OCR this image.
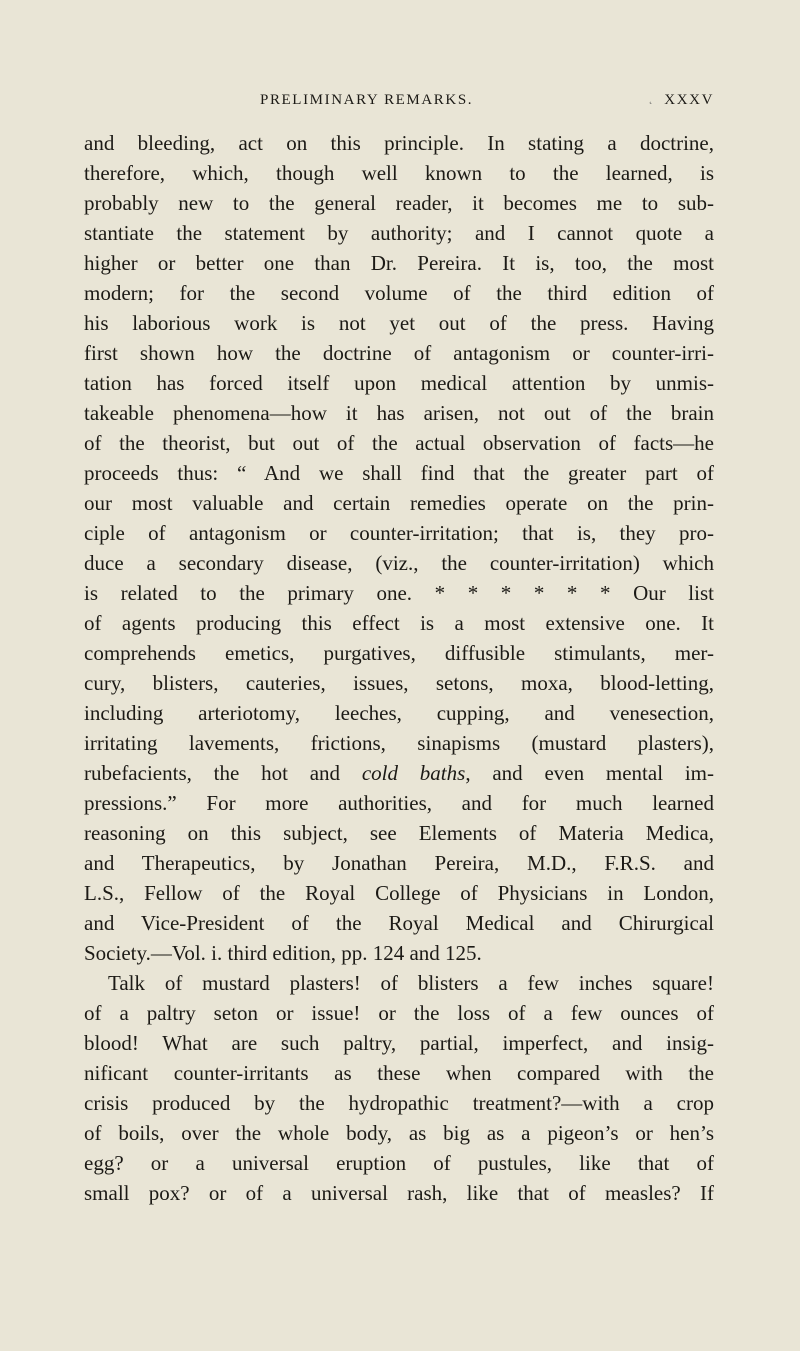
PRELIMINARY REMARKS.	˛ XXXV
and bleeding, act on this principle. In stating a doctrine,
therefore, which, though well known to the learned, is
probably new to the general reader, it becomes me to sub-
stantiate the statement by authority; and I cannot quote a
higher or better one than Dr. Pereira. It is, too, the most
modern; for the second volume of the third edition of
his laborious work is not yet out of the press. Having
first shown how the doctrine of antagonism or counter-irri-
tation has forced itself upon medical attention by unmis-
takeable phenomena—how it has arisen, not out of the brain
of the theorist, but out of the actual observation of facts—he
proceeds thus: “ And we shall find that the greater part of
our most valuable and certain remedies operate on the prin-
ciple of antagonism or counter-irritation; that is, they pro-
duce a secondary disease, (viz., the counter-irritation) which
is related to the primary one. * * * * * * Our list
of agents producing this effect is a most extensive one. It
comprehends emetics, purgatives, diffusible stimulants, mer-
cury, blisters, cauteries, issues, setons, moxa, blood-letting,
including arteriotomy, leeches, cupping, and venesection,
irritating lavements, frictions, sinapisms (mustard plasters),
rubefacients, the hot and cold baths, and even mental im-
pressions.” For more authorities, and for much learned
reasoning on this subject, see Elements of Materia Medica,
and Therapeutics, by Jonathan Pereira, M.D., F.R.S. and
L.S., Fellow of the Royal College of Physicians in London,
and Vice-President of the Royal Medical and Chirurgical
Society.—Vol. i. third edition, pp. 124 and 125.
Talk of mustard plasters! of blisters a few inches square!
of a paltry seton or issue! or the loss of a few ounces of
blood! What are such paltry, partial, imperfect, and insig-
nificant counter-irritants as these when compared with the
crisis produced by the hydropathic treatment?—with a crop
of boils, over the whole body, as big as a pigeon’s or hen’s
egg? or a universal eruption of pustules, like that of
small pox? or of a universal rash, like that of measles? If
